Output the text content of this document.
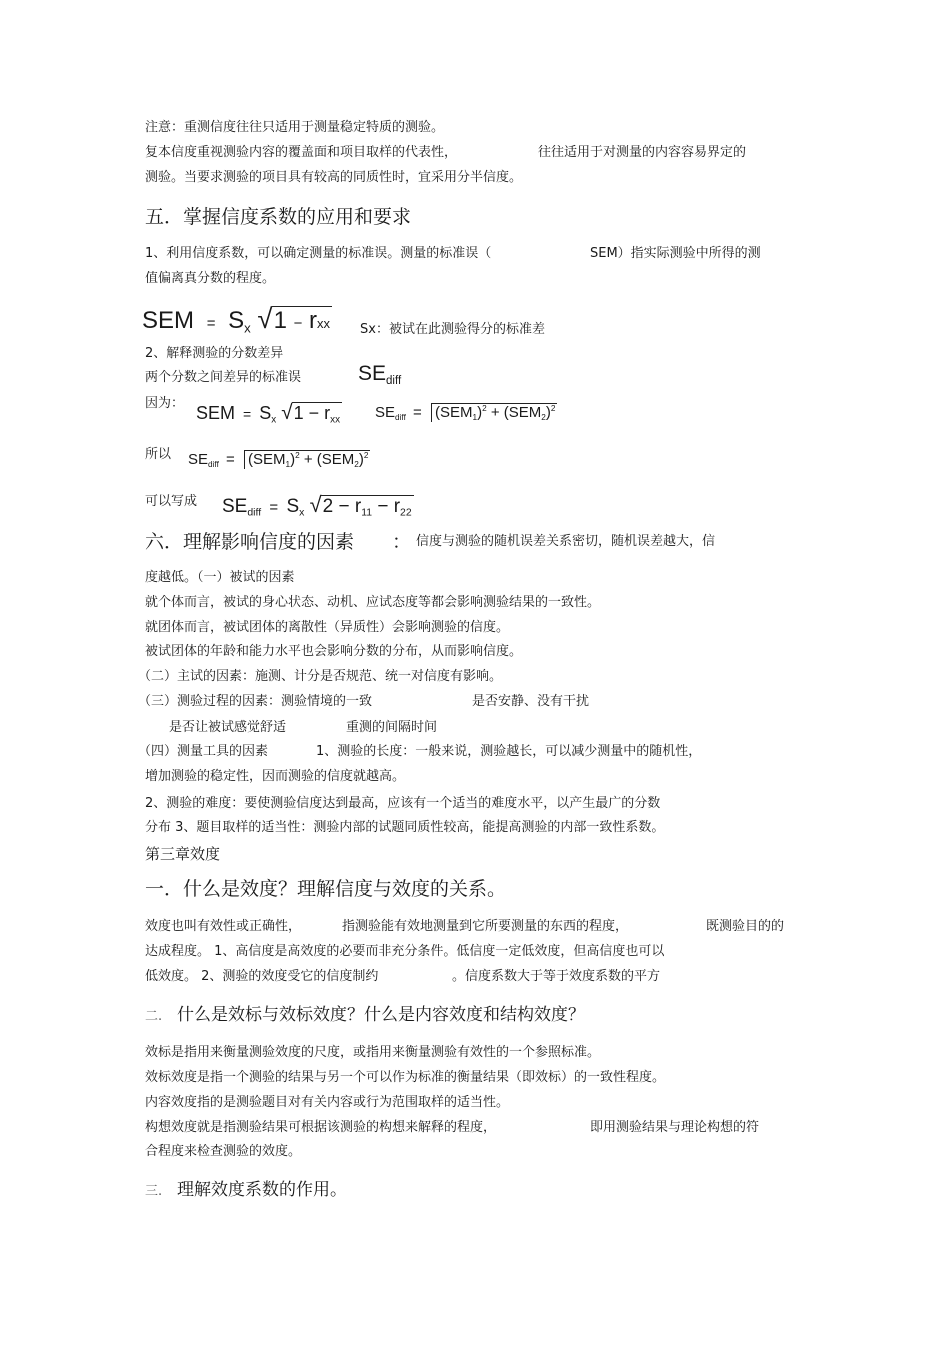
注意：重测信度往往只适用于测量稳定特质的测验。
复本信度重视测验内容的覆盖面和项目取样的代表性，	往往适用于对测量的内容容易界定的
测验。当要求测验的项目具有较高的同质性时，宜采用分半信度。
五．掌握信度系数的应用和要求
1、利用信度系数，可以确定测量的标准误。测量的标准误（	SEM）指实际测验中所得的测
值偏离真分数的程度。
SEM = $S_x$ √1 − rxx Sx：被试在此测验得分的标准差
2、解释测验的分数差异
两个分数之间差异的标准误	$SE_{diff}$
因为： SEM = $S_x$ $√1 - r_{xx}$ $SE_{diff} = (SEM_1)^2 + (SEM_2)^2$
所以 $SE_{diff} = (SEM_1)^2 + (SEM_2)^2$
可以写成 $SE_{diff} = S_x$ $√2 - r_{11} - r_{22}$
六．理解影响信度的因素 ： 信度与测验的随机误差关系密切，随机误差越大，信
度越低。（一）被试的因素
就个体而言，被试的身心状态、动机、应试态度等都会影响测验结果的一致性。
就团体而言，被试团体的离散性（异质性）会影响测验的信度。
被试团体的年龄和能力水平也会影响分数的分布，从而影响信度。
（二）主试的因素：施测、计分是否规范、统一对信度有影响。
（三）测验过程的因素：测验情境的一致	是否安静、没有干扰
是否让被试感觉舒适	重测的间隔时间
（四）测量工具的因素	1、测验的长度：一般来说，测验越长，可以减少测量中的随机性，
增加测验的稳定性，因而测验的信度就越高。
2、测验的难度：要使测验信度达到最高，应该有一个适当的难度水平，以产生最广的分数
分布 3、题目取样的适当性：测验内部的试题同质性较高，能提高测验的内部一致性系数。
第三章效度
一．什么是效度？理解信度与效度的关系。
效度也叫有效性或正确性，	指测验能有效地测量到它所要测量的东西的程度，	既测验目的的
达成程度。 1、高信度是高效度的必要而非充分条件。低信度一定低效度，但高信度也可以
低效度。 2、测验的效度受它的信度制约	。信度系数大于等于效度系数的平方
二. 什么是效标与效标效度？什么是内容效度和结构效度？
效标是指用来衡量测验效度的尺度，或指用来衡量测验有效性的一个参照标准。
效标效度是指一个测验的结果与另一个可以作为标准的衡量结果（即效标）的一致性程度。
内容效度指的是测验题目对有关内容或行为范围取样的适当性。
构想效度就是指测验结果可根据该测验的构想来解释的程度，	即用测验结果与理论构想的符
合程度来检查测验的效度。
三. 理解效度系数的作用。
